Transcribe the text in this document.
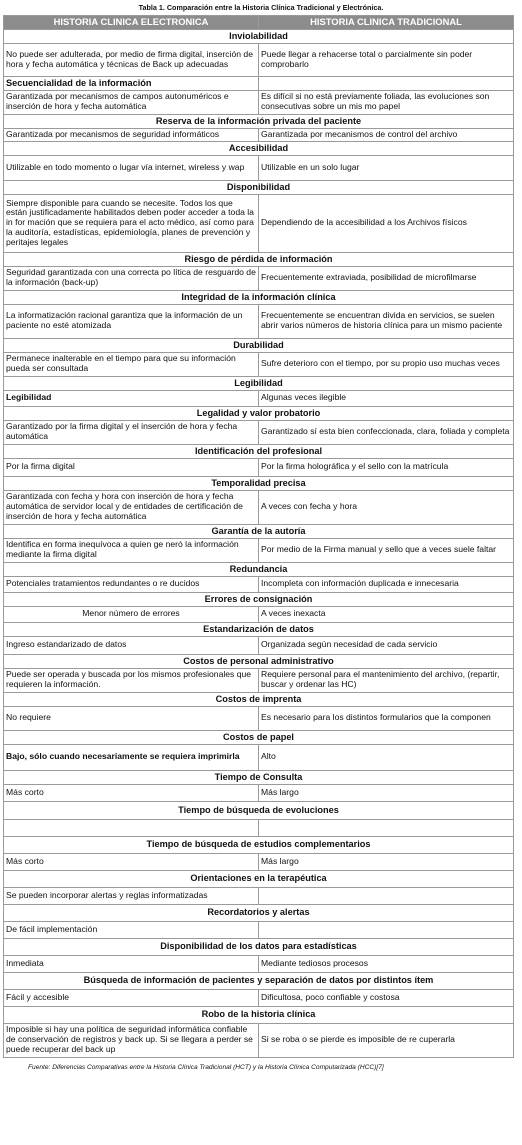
Tabla 1. Comparación entre la Historia Clínica Tradicional y Electrónica.
HISTORIA CLINICA ELECTRONICA	HISTORIA CLINICA TRADICIONAL
Inviolabilidad	
No puede ser adulterada, por medio de firma digital, inserción de hora y fecha automática y técnicas de Back up adecuadas	Puede llegar a rehacerse total o parcialmente sin poder comprobarlo
Secuencialidad de la información	
Garantizada por mecanismos de campos autonuméricos e inserción de hora y fecha automática	Es difícil si no está previamente foliada, las evoluciones son consecutivas sobre un mis mo papel
Reserva de la información privada del paciente	
Garantizada por mecanismos de seguridad informáticos	Garantizada por mecanismos de control del archivo
Accesibilidad	
Utilizable en todo momento o lugar vía internet, wireless y wap	Utilizable en un solo lugar
Disponibilidad	
Siempre disponible para cuando se necesite. Todos los que están justificadamente habilitados deben poder acceder a toda la in for mación que se requiera para el acto médico, así como para la auditoría, estadísticas, epidemiología, planes de prevención y peritajes legales	Dependiendo de la accesibilidad a los Archivos físicos
Riesgo de pérdida de información	
Seguridad garantizada con una correcta po lítica de resguardo de la información (back-up)	Frecuentemente extraviada, posibilidad de microfilmarse
Integridad de la información clínica	
La informatización racional garantiza que la información de un paciente no esté atomizada	Frecuentemente se encuentran divida en servicios, se suelen abrir varios números de historia clínica para un mismo paciente
Durabilidad	
Permanece inalterable en el tiempo para que su información pueda ser consultada	Sufre deterioro con el tiempo, por su propio uso muchas veces
Legibilidad	
Legibilidad	Algunas veces ilegible
Legalidad y valor probatorio	
Garantizado por la firma digital y el inserción de hora y fecha automática	Garantizado sí esta bien confeccionada, clara, foliada y completa
Identificación del profesional	
Por la firma digital	Por la firma holográfica y el sello con la matrícula
Temporalidad precisa	
Garantizada con fecha y hora con inserción de hora y fecha automática de servidor local y de entidades de certificación de inserción de hora y fecha automática	A veces con fecha y hora
Garantía de la autoría	
Identifica en forma inequívoca a quien ge neró la información mediante la firma digital	Por medio de la Firma manual y sello que a veces suele faltar
Redundancia	
Potenciales tratamientos redundantes o re ducidos	Incompleta con información duplicada e innecesaria
Errores de consignación	
Menor número de errores	A veces inexacta
Estandarización de datos	
Ingreso estandarizado de datos	Organizada según necesidad de cada servicio
Costos de personal administrativo	
Puede ser operada y buscada por los mismos profesionales que requieren la información.	Requiere personal para el mantenimiento del archivo, (repartir, buscar y ordenar las HC)
Costos de imprenta	
No requiere	Es necesario para los distintos formularios que la componen
Costos de papel	
Bajo, sólo cuando necesariamente se requiera imprimirla	Alto
Tiempo de Consulta	
Más corto	Más largo
Tiempo de búsqueda de evoluciones	

Tiempo de búsqueda de estudios complementarios	
Más corto	Más largo
Orientaciones en la terapéutica	
Se pueden incorporar alertas y reglas informatizadas	
Recordatorios y alertas	
De fácil implementación	
Disponibilidad de los datos para estadísticas	
Inmediata	Mediante tediosos procesos
Búsqueda de información de pacientes y separación de datos por distintos ítem	
Fácil y accesible	Dificultosa, poco confiable y costosa
Robo de la historia clínica	
Imposible si hay una política de seguridad informática confiable de conservación de registros y back up. Si se llegara a perder se puede recuperar del back up	Si se roba o se pierde es imposible de re cuperarla
Fuente: Diferencias Comparativas entre la Historia Clínica Tradicional (HCT) y la Historia Clínica Computarizada (HCC)[7]
